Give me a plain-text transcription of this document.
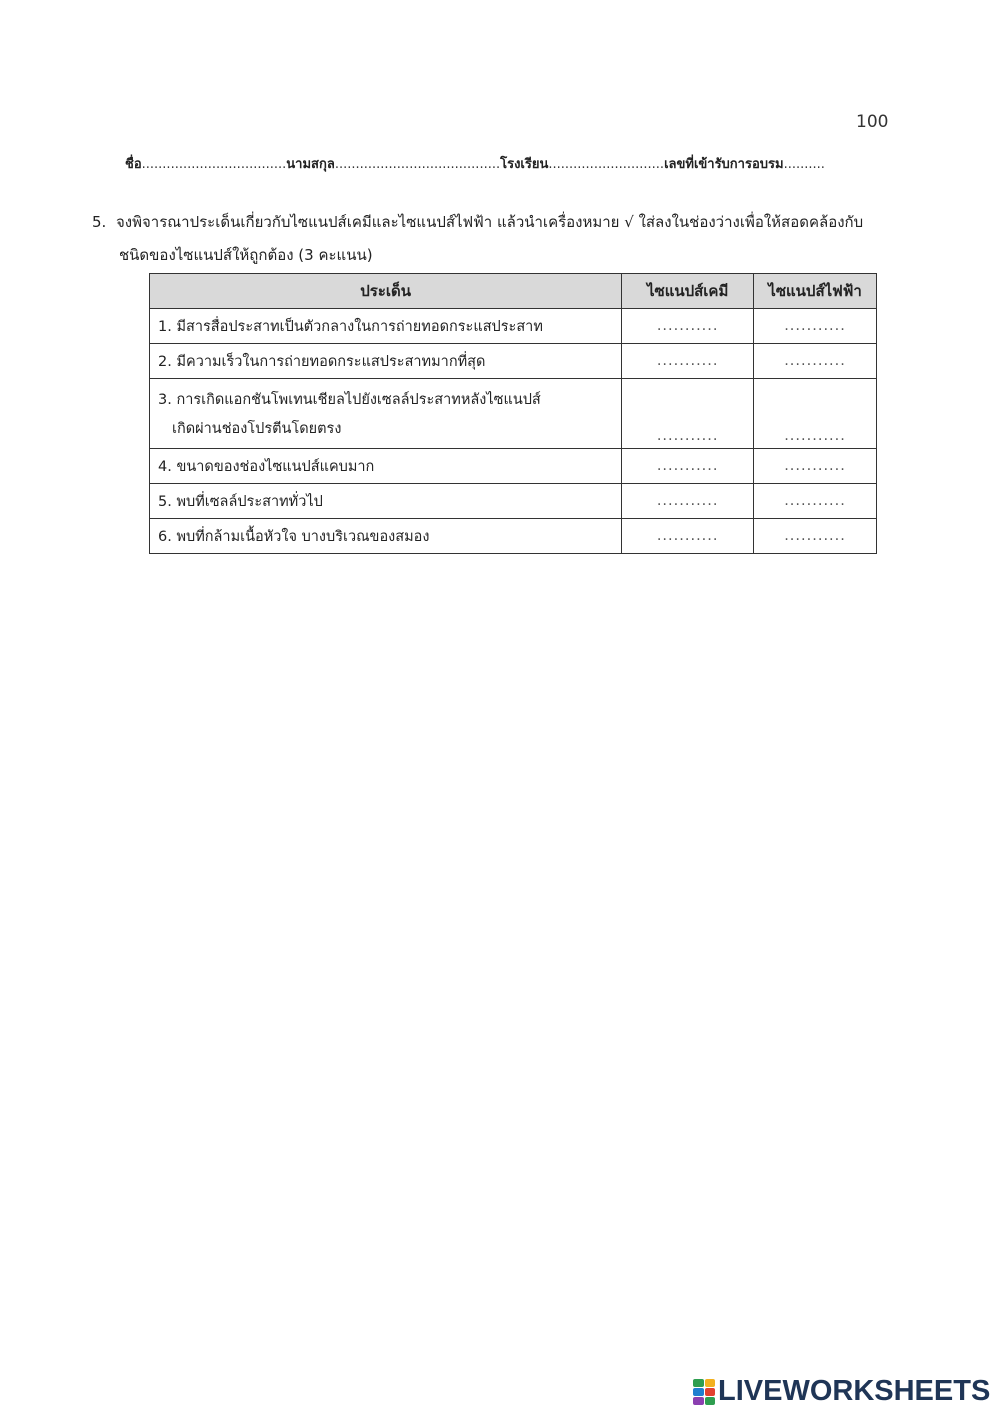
100
ชื่อ...................................นามสกุล........................................โรงเรียน............................เลขที่เข้ารับการอบรม..........
5. จงพิจารณาประเด็นเกี่ยวกับไซแนปส์เคมีและไซแนปส์ไฟฟ้า แล้วนำเครื่องหมาย √ ใส่ลงในช่องว่างเพื่อให้สอดคล้องกับ
ชนิดของไซแนปส์ให้ถูกต้อง (3 คะแนน)
ประเด็น	ไซแนปส์เคมี	ไซแนปส์ไฟฟ้า
1. มีสารสื่อประสาทเป็นตัวกลางในการถ่ายทอดกระแสประสาท	...........	...........
2. มีความเร็วในการถ่ายทอดกระแสประสาทมากที่สุด	...........	...........
3. การเกิดแอกชันโพเทนเชียลไปยังเซลล์ประสาทหลังไซแนปส์
เกิดผ่านช่องโปรตีนโดยตรง	...........	...........
4. ขนาดของช่องไซแนปส์แคบมาก	...........	...........
5. พบที่เซลล์ประสาททั่วไป	...........	...........
6. พบที่กล้ามเนื้อหัวใจ บางบริเวณของสมอง	...........	...........
LIVEWORKSHEETS
